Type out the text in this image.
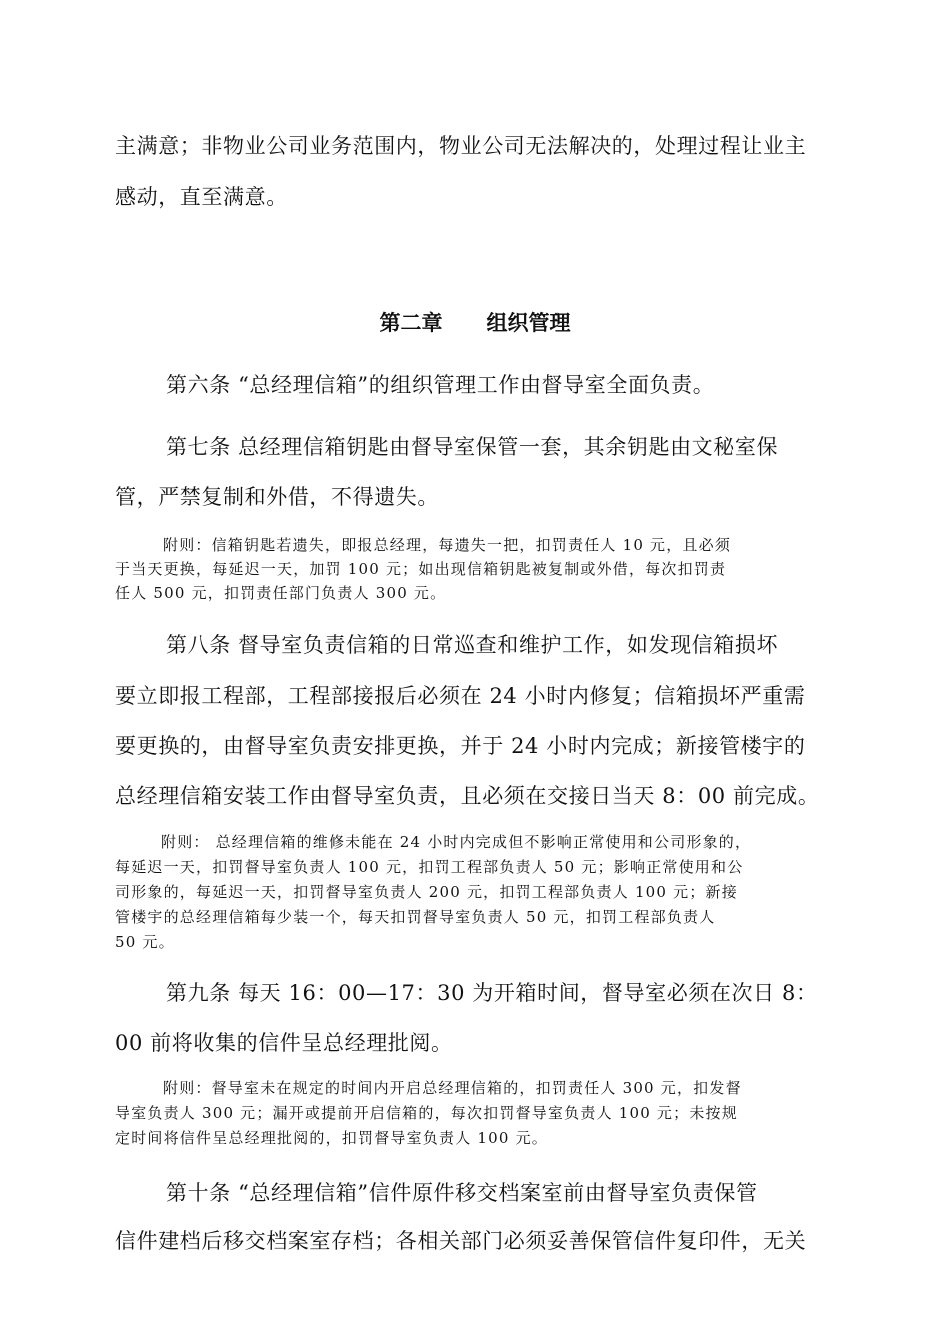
主满意；非物业公司业务范围内，物业公司无法解决的，处理过程让业主
感动，直至满意。
第二章 组织管理
第六条 “总经理信箱”的组织管理工作由督导室全面负责。
第七条 总经理信箱钥匙由督导室保管一套，其余钥匙由文秘室保
管，严禁复制和外借，不得遗失。
附则：信箱钥匙若遗失，即报总经理，每遗失一把，扣罚责任人 10 元，且必须
于当天更换，每延迟一天，加罚 100 元；如出现信箱钥匙被复制或外借，每次扣罚责
任人 500 元，扣罚责任部门负责人 300 元。
第八条 督导室负责信箱的日常巡查和维护工作，如发现信箱损坏
要立即报工程部，工程部接报后必须在 24 小时内修复；信箱损坏严重需
要更换的，由督导室负责安排更换，并于 24 小时内完成；新接管楼宇的
总经理信箱安装工作由督导室负责，且必须在交接日当天 8：00 前完成。
附则： 总经理信箱的维修未能在 24 小时内完成但不影响正常使用和公司形象的，
每延迟一天，扣罚督导室负责人 100 元，扣罚工程部负责人 50 元；影响正常使用和公
司形象的，每延迟一天，扣罚督导室负责人 200 元，扣罚工程部负责人 100 元；新接
管楼宇的总经理信箱每少装一个，每天扣罚督导室负责人 50 元，扣罚工程部负责人
50 元。
第九条 每天 16：00—17：30 为开箱时间，督导室必须在次日 8：
00 前将收集的信件呈总经理批阅。
附则：督导室未在规定的时间内开启总经理信箱的，扣罚责任人 300 元，扣发督
导室负责人 300 元；漏开或提前开启信箱的，每次扣罚督导室负责人 100 元；未按规
定时间将信件呈总经理批阅的，扣罚督导室负责人 100 元。
第十条 “总经理信箱”信件原件移交档案室前由督导室负责保管
信件建档后移交档案室存档；各相关部门必须妥善保管信件复印件，无关
